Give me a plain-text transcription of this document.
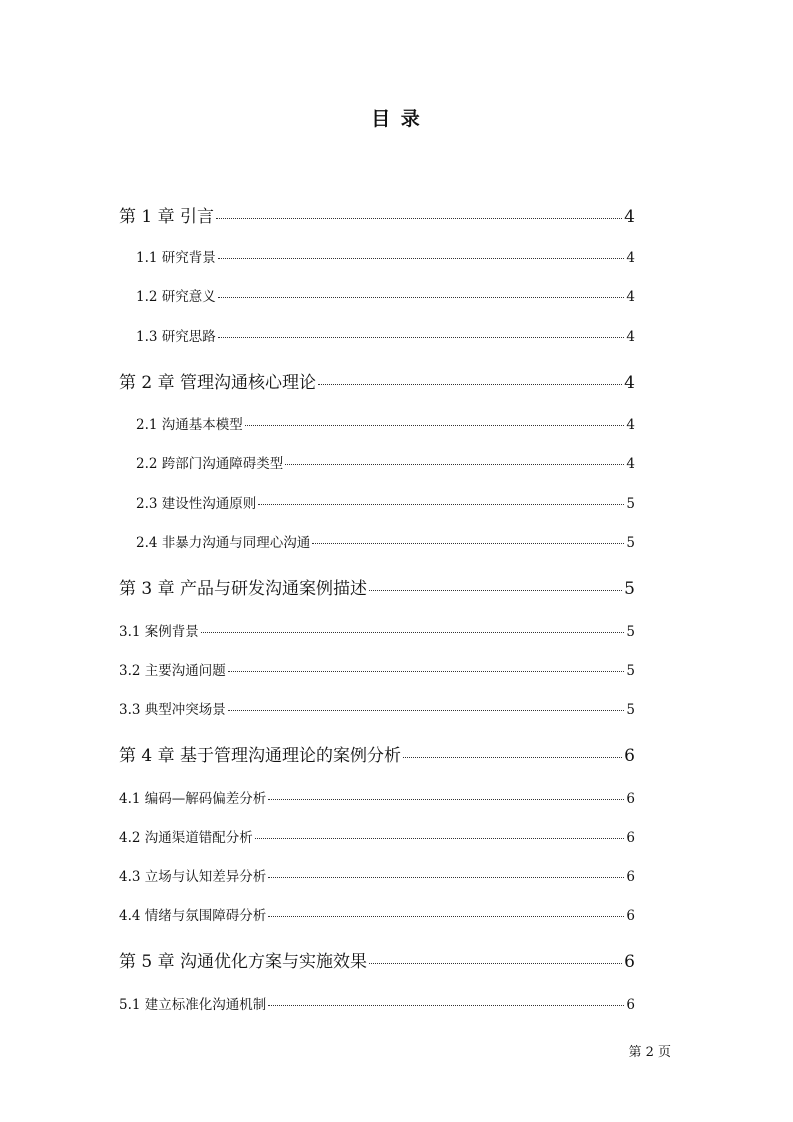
目 录
第 1 章 引言	4
1.1 研究背景	4
1.2 研究意义	4
1.3 研究思路	4
第 2 章 管理沟通核心理论	4
2.1 沟通基本模型	4
2.2 跨部门沟通障碍类型	4
2.3 建设性沟通原则	5
2.4 非暴力沟通与同理心沟通	5
第 3 章 产品与研发沟通案例描述	5
3.1 案例背景	5
3.2 主要沟通问题	5
3.3 典型冲突场景	5
第 4 章 基于管理沟通理论的案例分析	6
4.1 编码—解码偏差分析	6
4.2 沟通渠道错配分析	6
4.3 立场与认知差异分析	6
4.4 情绪与氛围障碍分析	6
第 5 章 沟通优化方案与实施效果	6
5.1 建立标准化沟通机制	6
第 2 页
